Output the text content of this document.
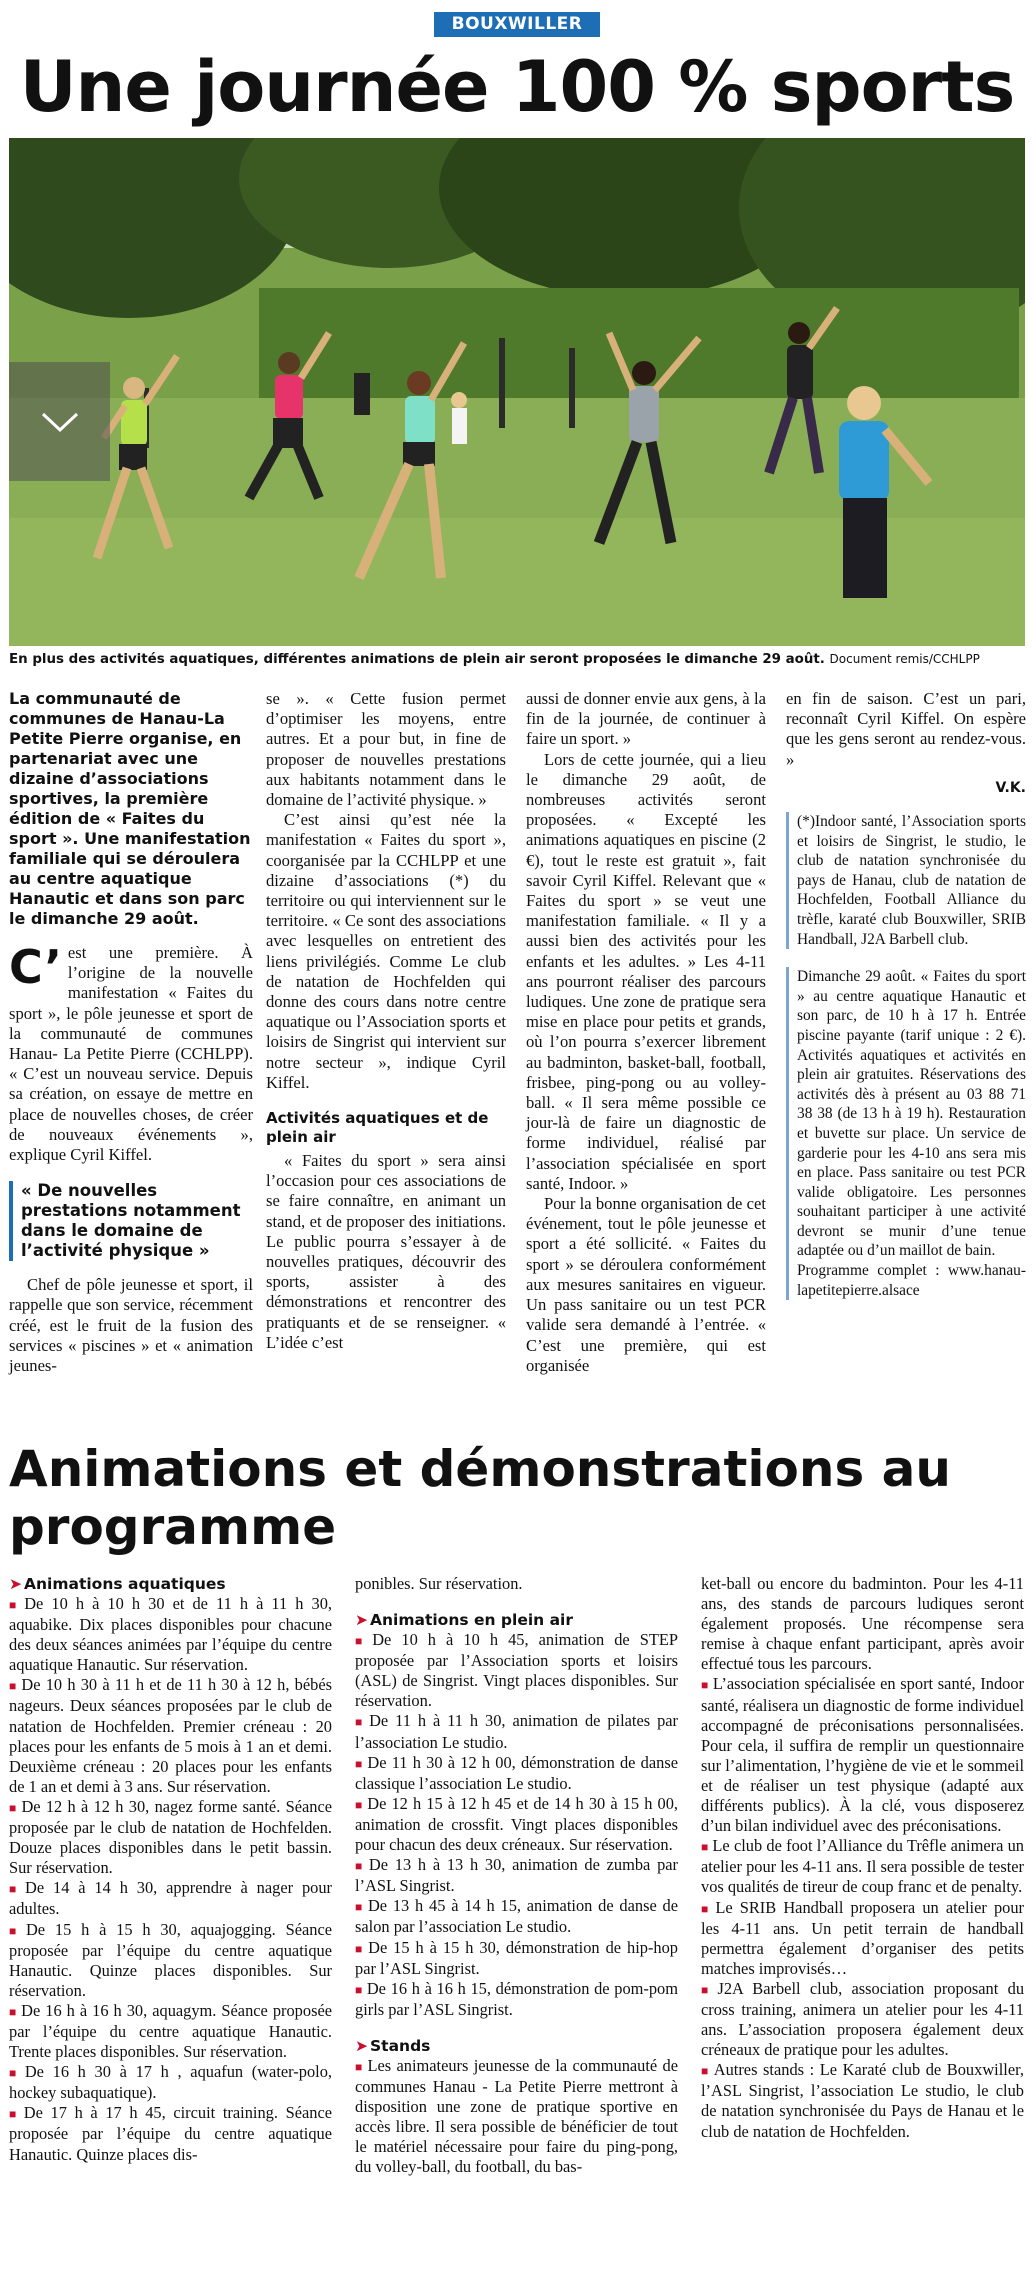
BOUXWILLER
Une journée 100 % sports
En plus des activités aquatiques, différentes animations de plein air seront proposées le dimanche 29 août. Document remis/CCHLPP

La communauté de communes de Hanau-La Petite Pierre organise, en partenariat avec une dizaine d’associations sportives, la première édition de « Faites du sport ». Une manifestation familiale qui se déroulera au centre aquatique Hanautic et dans son parc le dimanche 29 août.

C’ est une première. À l’origine de la nouvelle manifestation « Faites du sport », le pôle jeunesse et sport de la communauté de communes Hanau- La Petite Pierre (CCHLPP). « C’est un nouveau service. Depuis sa création, on essaye de mettre en place de nouvelles choses, de créer de nouveaux événements », explique Cyril Kiffel.

« De nouvelles prestations notamment dans le domaine de l’activité physique »

Chef de pôle jeunesse et sport, il rappelle que son service, récemment créé, est le fruit de la fusion des services « piscines » et « animation jeunes-

se ». « Cette fusion permet d’optimiser les moyens, entre autres. Et a pour but, in fine de proposer de nouvelles prestations aux habitants notamment dans le domaine de l’activité physique. »

C’est ainsi qu’est née la manifestation « Faites du sport », coorganisée par la CCHLPP et une dizaine d’associations (*) du territoire ou qui interviennent sur le territoire. « Ce sont des associations avec lesquelles on entretient des liens privilégiés. Comme Le club de natation de Hochfelden qui donne des cours dans notre centre aquatique ou l’Association sports et loisirs de Singrist qui intervient sur notre secteur », indique Cyril Kiffel.

Activités aquatiques et de plein air

« Faites du sport » sera ainsi l’occasion pour ces associations de se faire connaître, en animant un stand, et de proposer des initiations. Le public pourra s’essayer à de nouvelles pratiques, découvrir des sports, assister à des démonstrations et rencontrer des pratiquants et de se renseigner. « L’idée c’est

aussi de donner envie aux gens, à la fin de la journée, de continuer à faire un sport. »

Lors de cette journée, qui a lieu le dimanche 29 août, de nombreuses activités seront proposées. « Excepté les animations aquatiques en piscine (2 €), tout le reste est gratuit », fait savoir Cyril Kiffel. Relevant que « Faites du sport » se veut une manifestation familiale. « Il y a aussi bien des activités pour les enfants et les adultes. » Les 4-11 ans pourront réaliser des parcours ludiques. Une zone de pratique sera mise en place pour petits et grands, où l’on pourra s’exercer librement au badminton, basket-ball, football, frisbee, ping-pong ou au volley-ball. « Il sera même possible ce jour-là de faire un diagnostic de forme individuel, réalisé par l’association spécialisée en sport santé, Indoor. »

Pour la bonne organisation de cet événement, tout le pôle jeunesse et sport a été sollicité. « Faites du sport » se déroulera conformément aux mesures sanitaires en vigueur. Un pass sanitaire ou un test PCR valide sera demandé à l’entrée. « C’est une première, qui est organisée

en fin de saison. C’est un pari, reconnaît Cyril Kiffel. On espère que les gens seront au rendez-vous. »

V.K.

(*)Indoor santé, l’Association sports et loisirs de Singrist, le studio, le club de natation synchronisée du pays de Hanau, club de natation de Hochfelden, Football Alliance du trèfle, karaté club Bouxwiller, SRIB Handball, J2A Barbell club.

Dimanche 29 août. « Faites du sport » au centre aquatique Hanautic et son parc, de 10 h à 17 h. Entrée piscine payante (tarif unique : 2 €). Activités aquatiques et activités en plein air gratuites. Réservations des activités dès à présent au 03 88 71 38 38 (de 13 h à 19 h). Restauration et buvette sur place. Un service de garderie pour les 4-10 ans sera mis en place. Pass sanitaire ou test PCR valide obligatoire. Les personnes souhaitant participer à une activité devront se munir d’une tenue adaptée ou d’un maillot de bain.

Programme complet : www.hanau-lapetitepierre.alsace

Animations et démonstrations au programme

➤ Animations aquatiques

■ De 10 h à 10 h 30 et de 11 h à 11 h 30, aquabike. Dix places disponibles pour chacune des deux séances animées par l’équipe du centre aquatique Hanautic. Sur réservation.

■ De 10 h 30 à 11 h et de 11 h 30 à 12 h, bébés nageurs. Deux séances proposées par le club de natation de Hochfelden. Premier créneau : 20 places pour les enfants de 5 mois à 1 an et demi. Deuxième créneau : 20 places pour les enfants de 1 an et demi à 3 ans. Sur réservation.

■ De 12 h à 12 h 30, nagez forme santé. Séance proposée par le club de natation de Hochfelden. Douze places disponibles dans le petit bassin. Sur réservation.

■ De 14 à 14 h 30, apprendre à nager pour adultes.

■ De 15 h à 15 h 30, aquajogging. Séance proposée par l’équipe du centre aquatique Hanautic. Quinze places disponibles. Sur réservation.

■ De 16 h à 16 h 30, aquagym. Séance proposée par l’équipe du centre aquatique Hanautic. Trente places disponibles. Sur réservation.

■ De 16 h 30 à 17 h , aquafun (water-polo, hockey subaquatique).

■ De 17 h à 17 h 45, circuit training. Séance proposée par l’équipe du centre aquatique Hanautic. Quinze places dis-

ponibles. Sur réservation.

➤ Animations en plein air

■ De 10 h à 10 h 45, animation de STEP proposée par l’Association sports et loisirs (ASL) de Singrist. Vingt places disponibles. Sur réservation.

■ De 11 h à 11 h 30, animation de pilates par l’association Le studio.

■ De 11 h 30 à 12 h 00, démonstration de danse classique l’association Le studio.

■ De 12 h 15 à 12 h 45 et de 14 h 30 à 15 h 00, animation de crossfit. Vingt places disponibles pour chacun des deux créneaux. Sur réservation.

■ De 13 h à 13 h 30, animation de zumba par l’ASL Singrist.

■ De 13 h 45 à 14 h 15, animation de danse de salon par l’association Le studio.

■ De 15 h à 15 h 30, démonstration de hip-hop par l’ASL Singrist.

■ De 16 h à 16 h 15, démonstration de pom-pom girls par l’ASL Singrist.

➤ Stands

■ Les animateurs jeunesse de la communauté de communes Hanau - La Petite Pierre mettront à disposition une zone de pratique sportive en accès libre. Il sera possible de bénéficier de tout le matériel nécessaire pour faire du ping-pong, du volley-ball, du football, du bas-

ket-ball ou encore du badminton. Pour les 4-11 ans, des stands de parcours ludiques seront également proposés. Une récompense sera remise à chaque enfant participant, après avoir effectué tous les parcours.

■ L’association spécialisée en sport santé, Indoor santé, réalisera un diagnostic de forme individuel accompagné de préconisations personnalisées. Pour cela, il suffira de remplir un questionnaire sur l’alimentation, l’hygiène de vie et le sommeil et de réaliser un test physique (adapté aux différents publics). À la clé, vous disposerez d’un bilan individuel avec des préconisations.

■ Le club de foot l’Alliance du Trêfle animera un atelier pour les 4-11 ans. Il sera possible de tester vos qualités de tireur de coup franc et de penalty.

■ Le SRIB Handball proposera un atelier pour les 4-11 ans. Un petit terrain de handball permettra également d’organiser des petits matches improvisés…

■ J2A Barbell club, association proposant du cross training, animera un atelier pour les 4-11 ans. L’association proposera également deux créneaux de pratique pour les adultes.

■ Autres stands : Le Karaté club de Bouxwiller, l’ASL Singrist, l’association Le studio, le club de natation synchronisée du Pays de Hanau et le club de natation de Hochfelden.
